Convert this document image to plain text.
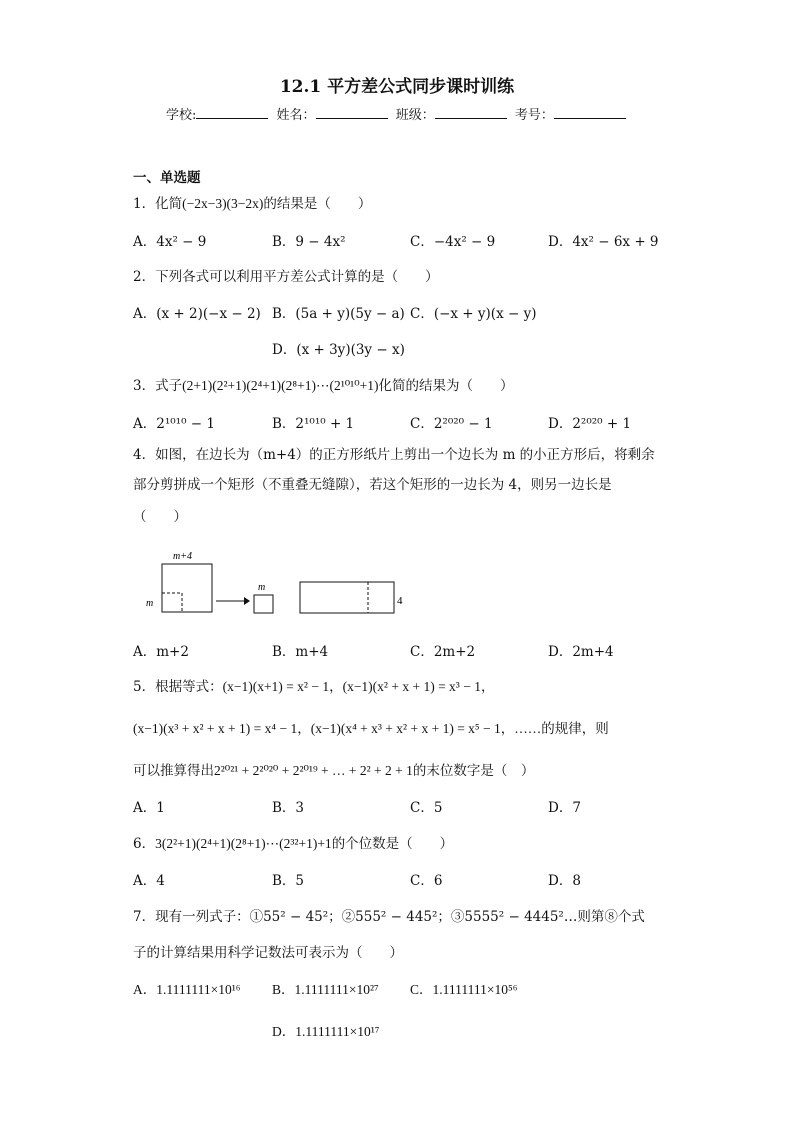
12.1 平方差公式同步课时训练
学校:	姓名：	班级：	考号：
一、单选题
1．化简(−2x−3)(3−2x)的结果是（　　）
A．4x² − 9	B．9 − 4x²	C．−4x² − 9	D．4x² − 6x + 9
2．下列各式可以利用平方差公式计算的是（　　）
A．(x + 2)(−x − 2) B．(5a + y)(5y − a) C．(−x + y)(x − y)
D．(x + 3y)(3y − x)
3．式子(2+1)(2²+1)(2⁴+1)(2⁸+1)⋯(2¹⁰¹⁰+1)化简的结果为（　　）
A．2¹⁰¹⁰ − 1	B．2¹⁰¹⁰ + 1	C．2²⁰²⁰ − 1	D．2²⁰²⁰ + 1
4．如图，在边长为（m+4）的正方形纸片上剪出一个边长为 m 的小正方形后，将剩余
部分剪拼成一个矩形（不重叠无缝隙），若这个矩形的一边长为 4，则另一边长是
（　　）
m+4
m
m
4
A．m+2	B．m+4	C．2m+2	D．2m+4
5．根据等式：(x−1)(x+1) = x² − 1，(x−1)(x² + x + 1) = x³ − 1，
(x−1)(x³ + x² + x + 1) = x⁴ − 1，(x−1)(x⁴ + x³ + x² + x + 1) = x⁵ − 1，……的规律，则
可以推算得出2²⁰²¹ + 2²⁰²⁰ + 2²⁰¹⁹ + … + 2² + 2 + 1的末位数字是（　）
A．1	B．3	C．5	D．7
6．3(2²+1)(2⁴+1)(2⁸+1)⋯(2³²+1)+1的个位数是（　　）
A．4	B．5	C．6	D．8
7．现有一列式子：①55² − 45²；②555² − 445²；③5555² − 4445²…则第⑧个式
子的计算结果用科学记数法可表示为（　　）
A．1.1111111×10¹⁶ B．1.1111111×10²⁷ C．1.1111111×10⁵⁶
D．1.1111111×10¹⁷
